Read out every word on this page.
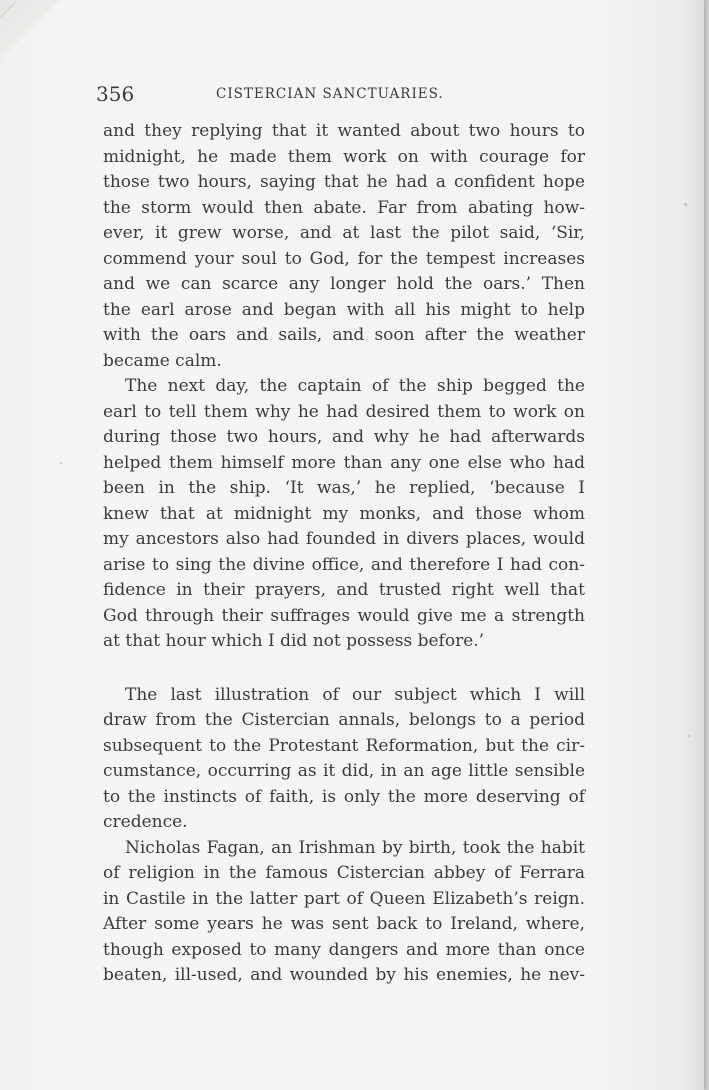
356	CISTERCIAN SANCTUARIES.
and they replying that it wanted about two hours to
midnight, he made them work on with courage for
those two hours, saying that he had a confident hope
the storm would then abate. Far from abating how-
ever, it grew worse, and at last the pilot said, ‘Sir,
commend your soul to God, for the tempest increases
and we can scarce any longer hold the oars.’ Then
the earl arose and began with all his might to help
with the oars and sails, and soon after the weather
became calm.
The next day, the captain of the ship begged the
earl to tell them why he had desired them to work on
during those two hours, and why he had afterwards
helped them himself more than any one else who had
been in the ship. ‘It was,’ he replied, ‘because I
knew that at midnight my monks, and those whom
my ancestors also had founded in divers places, would
arise to sing the divine office, and therefore I had con-
fidence in their prayers, and trusted right well that
God through their suffrages would give me a strength
at that hour which I did not possess before.’
The last illustration of our subject which I will
draw from the Cistercian annals, belongs to a period
subsequent to the Protestant Reformation, but the cir-
cumstance, occurring as it did, in an age little sensible
to the instincts of faith, is only the more deserving of
credence.
Nicholas Fagan, an Irishman by birth, took the habit
of religion in the famous Cistercian abbey of Ferrara
in Castile in the latter part of Queen Elizabeth’s reign.
After some years he was sent back to Ireland, where,
though exposed to many dangers and more than once
beaten, ill-used, and wounded by his enemies, he nev-
